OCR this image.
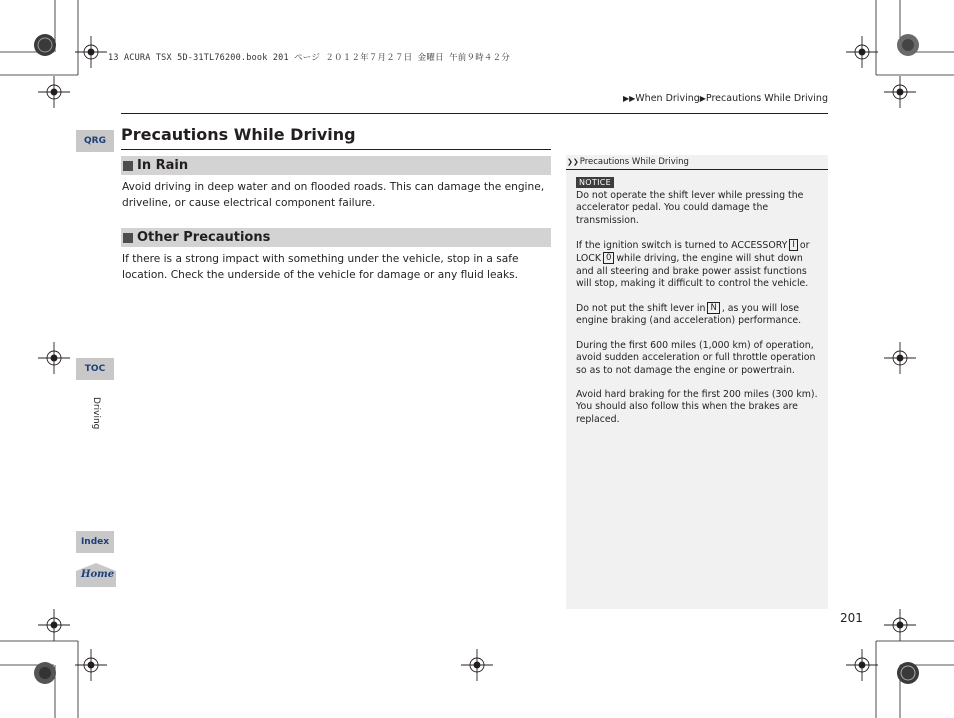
13 ACURA TSX 5D-31TL76200.book 201 ページ ２０１２年７月２７日 金曜日 午前９時４２分
▶▶When Driving▶Precautions While Driving
Precautions While Driving
In Rain
Avoid driving in deep water and on flooded roads. This can damage the engine, driveline, or cause electrical component failure.
Other Precautions
If there is a strong impact with something under the vehicle, stop in a safe location. Check the underside of the vehicle for damage or any fluid leaks.
❯❯ Precautions While Driving
NOTICE
Do not operate the shift lever while pressing the accelerator pedal. You could damage the transmission.
If the ignition switch is turned to ACCESSORY I or LOCK 0 while driving, the engine will shut down and all steering and brake power assist functions will stop, making it difficult to control the vehicle.
Do not put the shift lever in N , as you will lose engine braking (and acceleration) performance.
During the first 600 miles (1,000 km) of operation, avoid sudden acceleration or full throttle operation so as to not damage the engine or powertrain.
Avoid hard braking for the first 200 miles (300 km). You should also follow this when the brakes are replaced.
QRG
TOC
Driving
Index
Home
201
